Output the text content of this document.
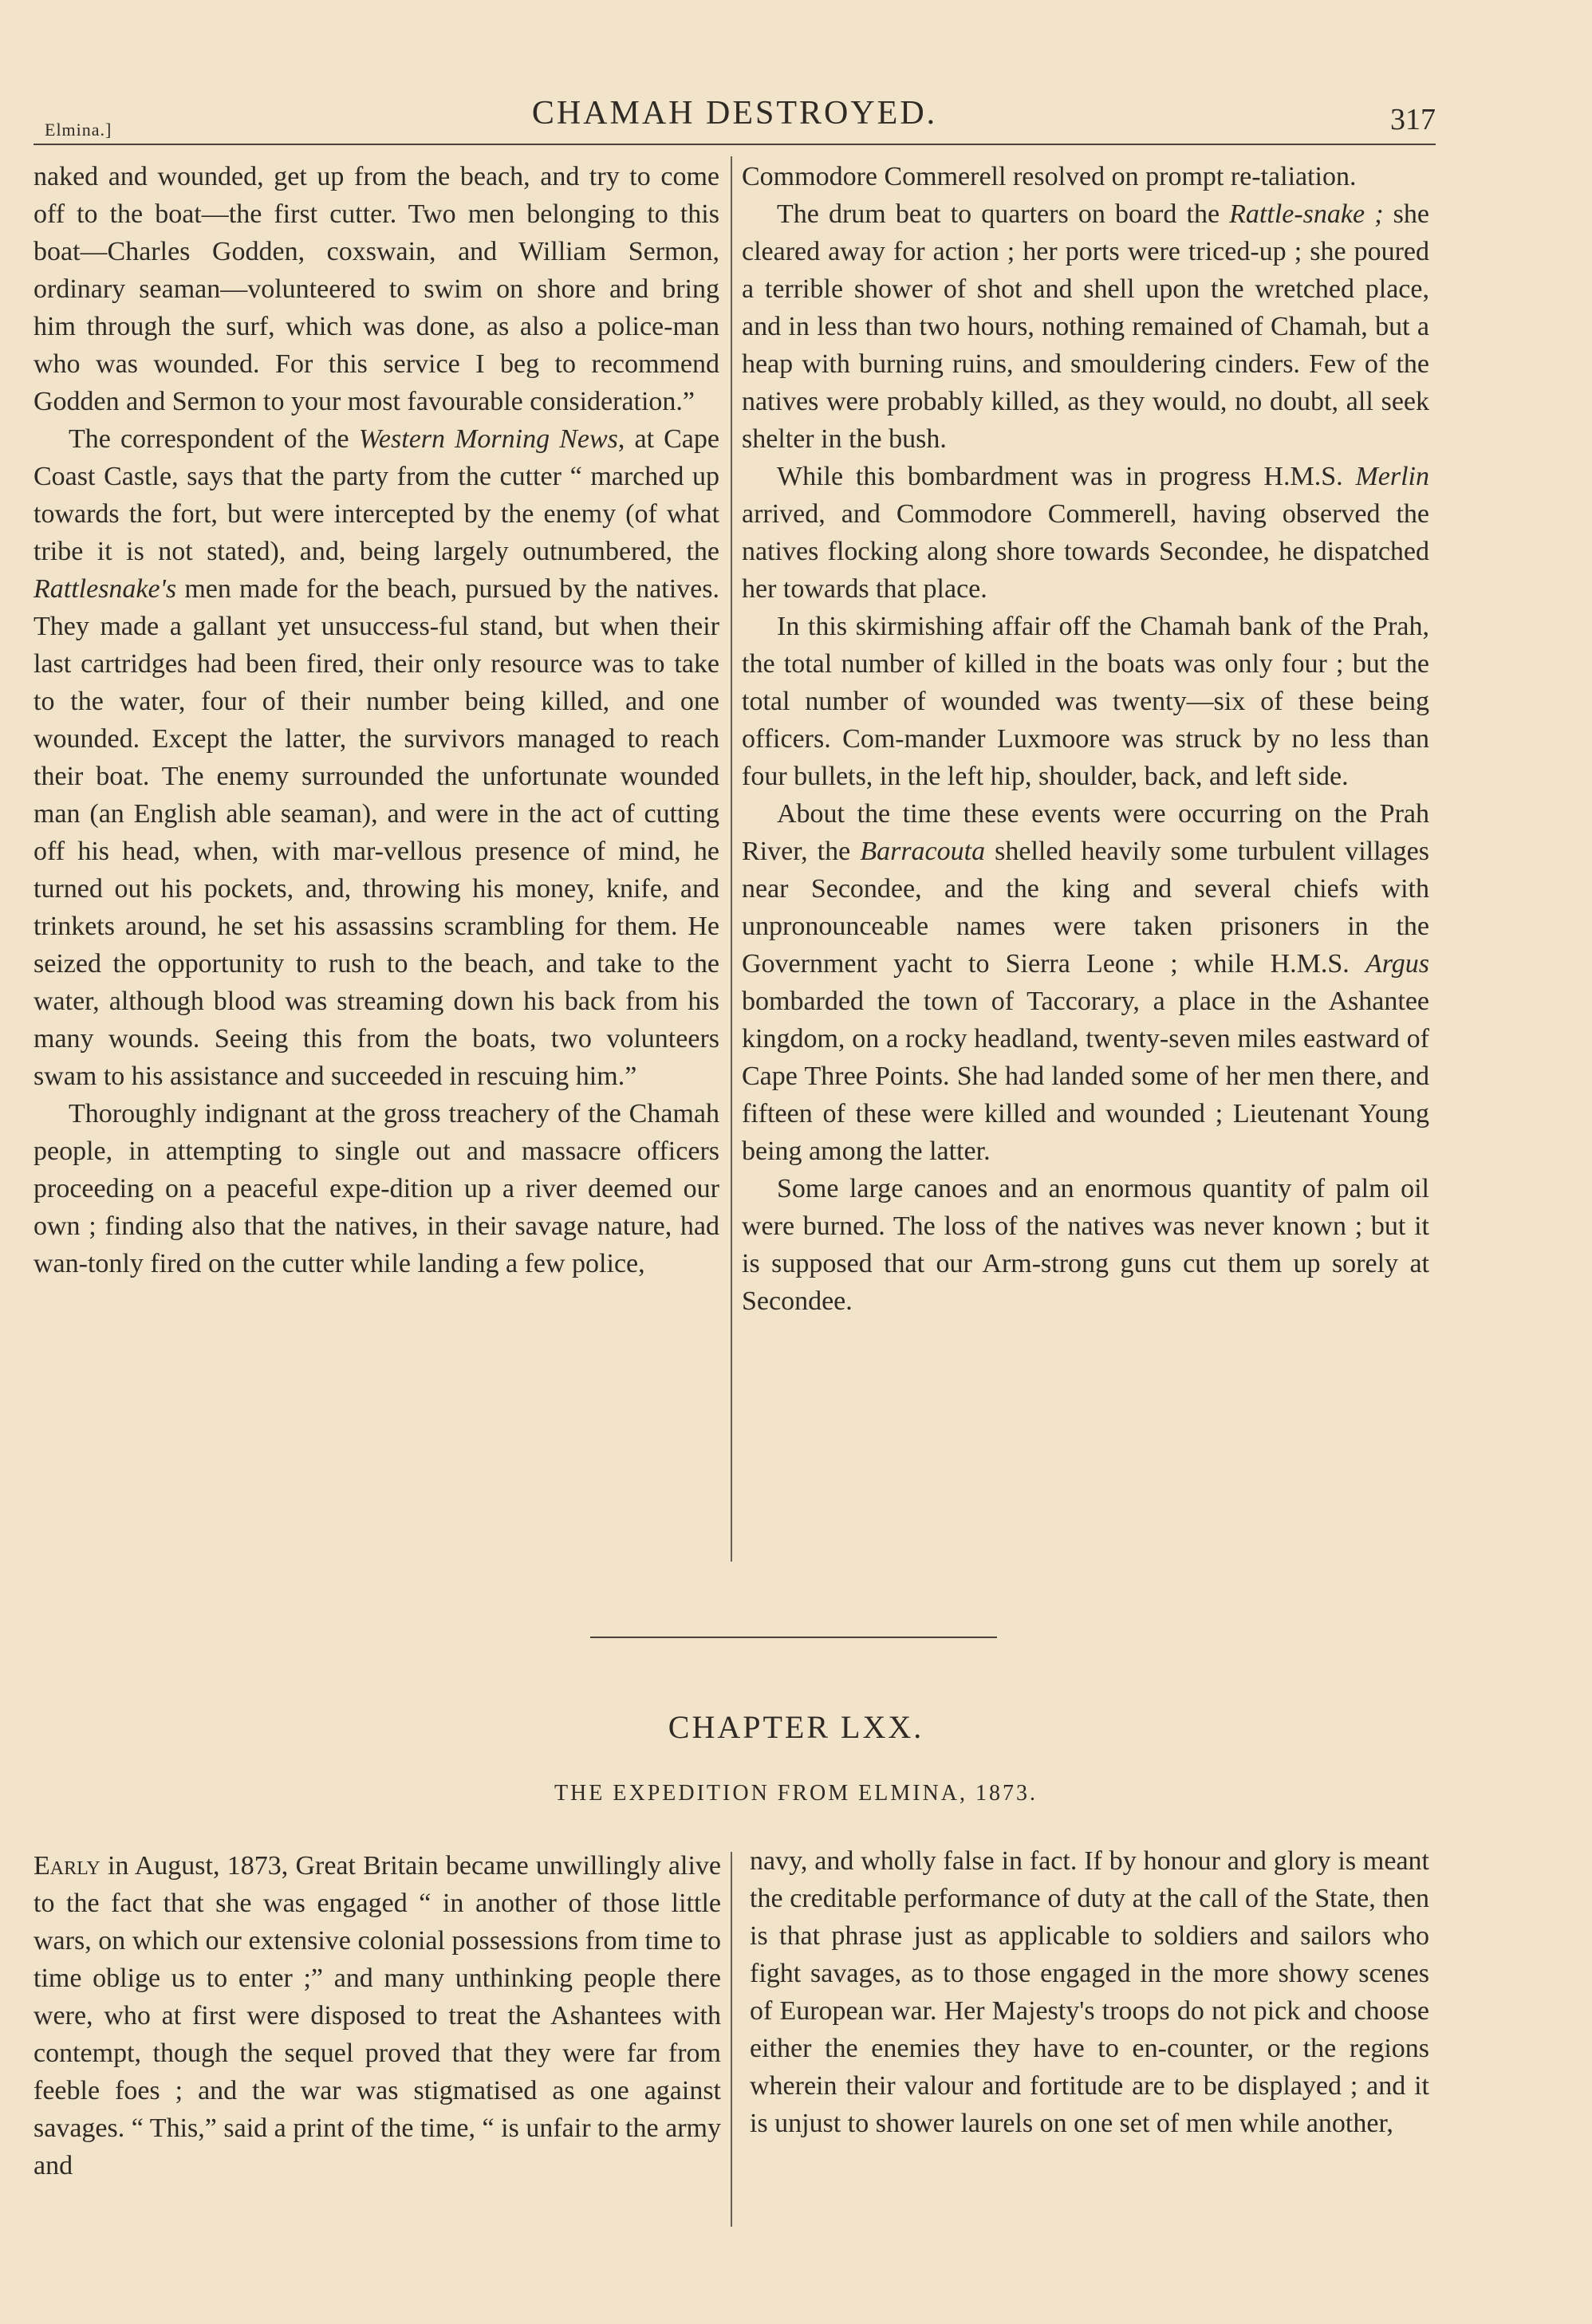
Elmina.]	CHAMAH DESTROYED.	317

naked and wounded, get up from the beach, and try to come off to the boat—the first cutter. Two men belonging to this boat—Charles Godden, coxswain, and William Sermon, ordinary seaman—volunteered to swim on shore and bring him through the surf, which was done, as also a police-man who was wounded. For this service I beg to recommend Godden and Sermon to your most favourable consideration.”

The correspondent of the Western Morning News, at Cape Coast Castle, says that the party from the cutter “ marched up towards the fort, but were intercepted by the enemy (of what tribe it is not stated), and, being largely outnumbered, the Rattlesnake's men made for the beach, pursued by the natives. They made a gallant yet unsuccess-ful stand, but when their last cartridges had been fired, their only resource was to take to the water, four of their number being killed, and one wounded. Except the latter, the survivors managed to reach their boat. The enemy surrounded the unfortunate wounded man (an English able seaman), and were in the act of cutting off his head, when, with mar-vellous presence of mind, he turned out his pockets, and, throwing his money, knife, and trinkets around, he set his assassins scrambling for them. He seized the opportunity to rush to the beach, and take to the water, although blood was streaming down his back from his many wounds. Seeing this from the boats, two volunteers swam to his assistance and succeeded in rescuing him.”

Thoroughly indignant at the gross treachery of the Chamah people, in attempting to single out and massacre officers proceeding on a peaceful expe-dition up a river deemed our own ; finding also that the natives, in their savage nature, had wan-tonly fired on the cutter while landing a few police,

Commodore Commerell resolved on prompt re-taliation.

The drum beat to quarters on board the Rattle-snake ; she cleared away for action ; her ports were triced-up ; she poured a terrible shower of shot and shell upon the wretched place, and in less than two hours, nothing remained of Chamah, but a heap with burning ruins, and smouldering cinders. Few of the natives were probably killed, as they would, no doubt, all seek shelter in the bush.

While this bombardment was in progress H.M.S. Merlin arrived, and Commodore Commerell, having observed the natives flocking along shore towards Secondee, he dispatched her towards that place.

In this skirmishing affair off the Chamah bank of the Prah, the total number of killed in the boats was only four ; but the total number of wounded was twenty—six of these being officers. Com-mander Luxmoore was struck by no less than four bullets, in the left hip, shoulder, back, and left side.

About the time these events were occurring on the Prah River, the Barracouta shelled heavily some turbulent villages near Secondee, and the king and several chiefs with unpronounceable names were taken prisoners in the Government yacht to Sierra Leone ; while H.M.S. Argus bombarded the town of Taccorary, a place in the Ashantee kingdom, on a rocky headland, twenty-seven miles eastward of Cape Three Points. She had landed some of her men there, and fifteen of these were killed and wounded ; Lieutenant Young being among the latter.

Some large canoes and an enormous quantity of palm oil were burned. The loss of the natives was never known ; but it is supposed that our Arm-strong guns cut them up sorely at Secondee.

CHAPTER LXX.
THE EXPEDITION FROM ELMINA, 1873.

Early in August, 1873, Great Britain became unwillingly alive to the fact that she was engaged “ in another of those little wars, on which our extensive colonial possessions from time to time oblige us to enter ;” and many unthinking people there were, who at first were disposed to treat the Ashantees with contempt, though the sequel proved that they were far from feeble foes ; and the war was stigmatised as one against savages. “ This,” said a print of the time, “ is unfair to the army and

navy, and wholly false in fact. If by honour and glory is meant the creditable performance of duty at the call of the State, then is that phrase just as applicable to soldiers and sailors who fight savages, as to those engaged in the more showy scenes of European war. Her Majesty's troops do not pick and choose either the enemies they have to en-counter, or the regions wherein their valour and fortitude are to be displayed ; and it is unjust to shower laurels on one set of men while another,
